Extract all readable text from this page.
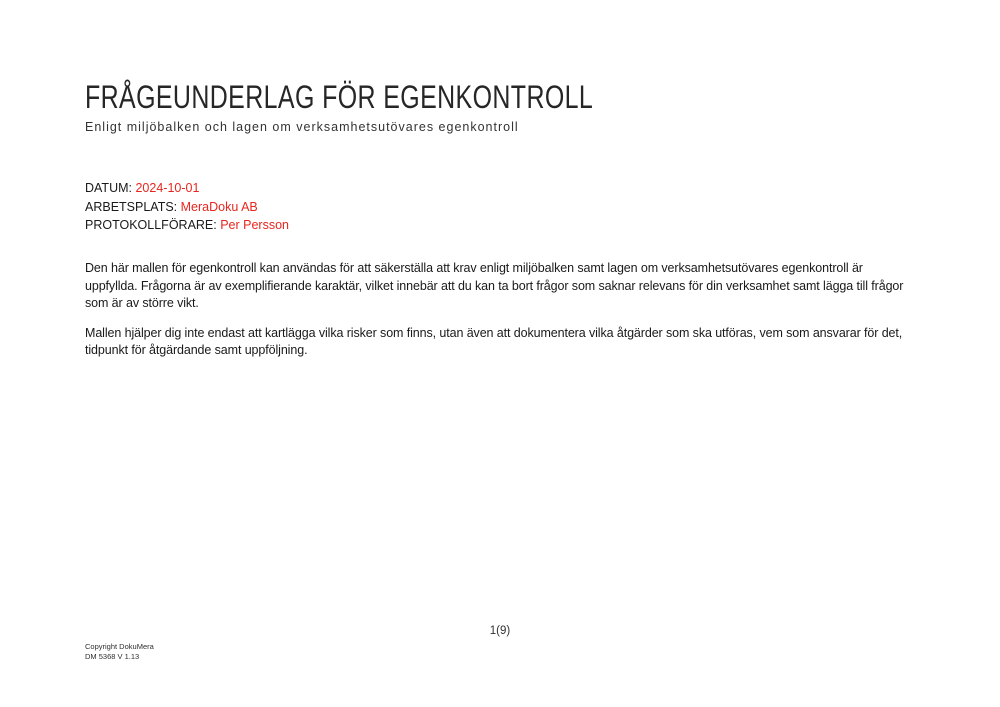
FRÅGEUNDERLAG FÖR EGENKONTROLL
Enligt miljöbalken och lagen om verksamhetsutövares egenkontroll
DATUM: 2024-10-01
ARBETSPLATS: MeraDoku AB
PROTOKOLLFÖRARE: Per Persson
Den här mallen för egenkontroll kan användas för att säkerställa att krav enligt miljöbalken samt lagen om verksamhetsutövares egenkontroll är
uppfyllda. Frågorna är av exemplifierande karaktär, vilket innebär att du kan ta bort frågor som saknar relevans för din verksamhet samt lägga till frågor
som är av större vikt.
Mallen hjälper dig inte endast att kartlägga vilka risker som finns, utan även att dokumentera vilka åtgärder som ska utföras, vem som ansvarar för det,
tidpunkt för åtgärdande samt uppföljning.
1(9)
Copyright DokuMera
DM 5368 V 1.13
